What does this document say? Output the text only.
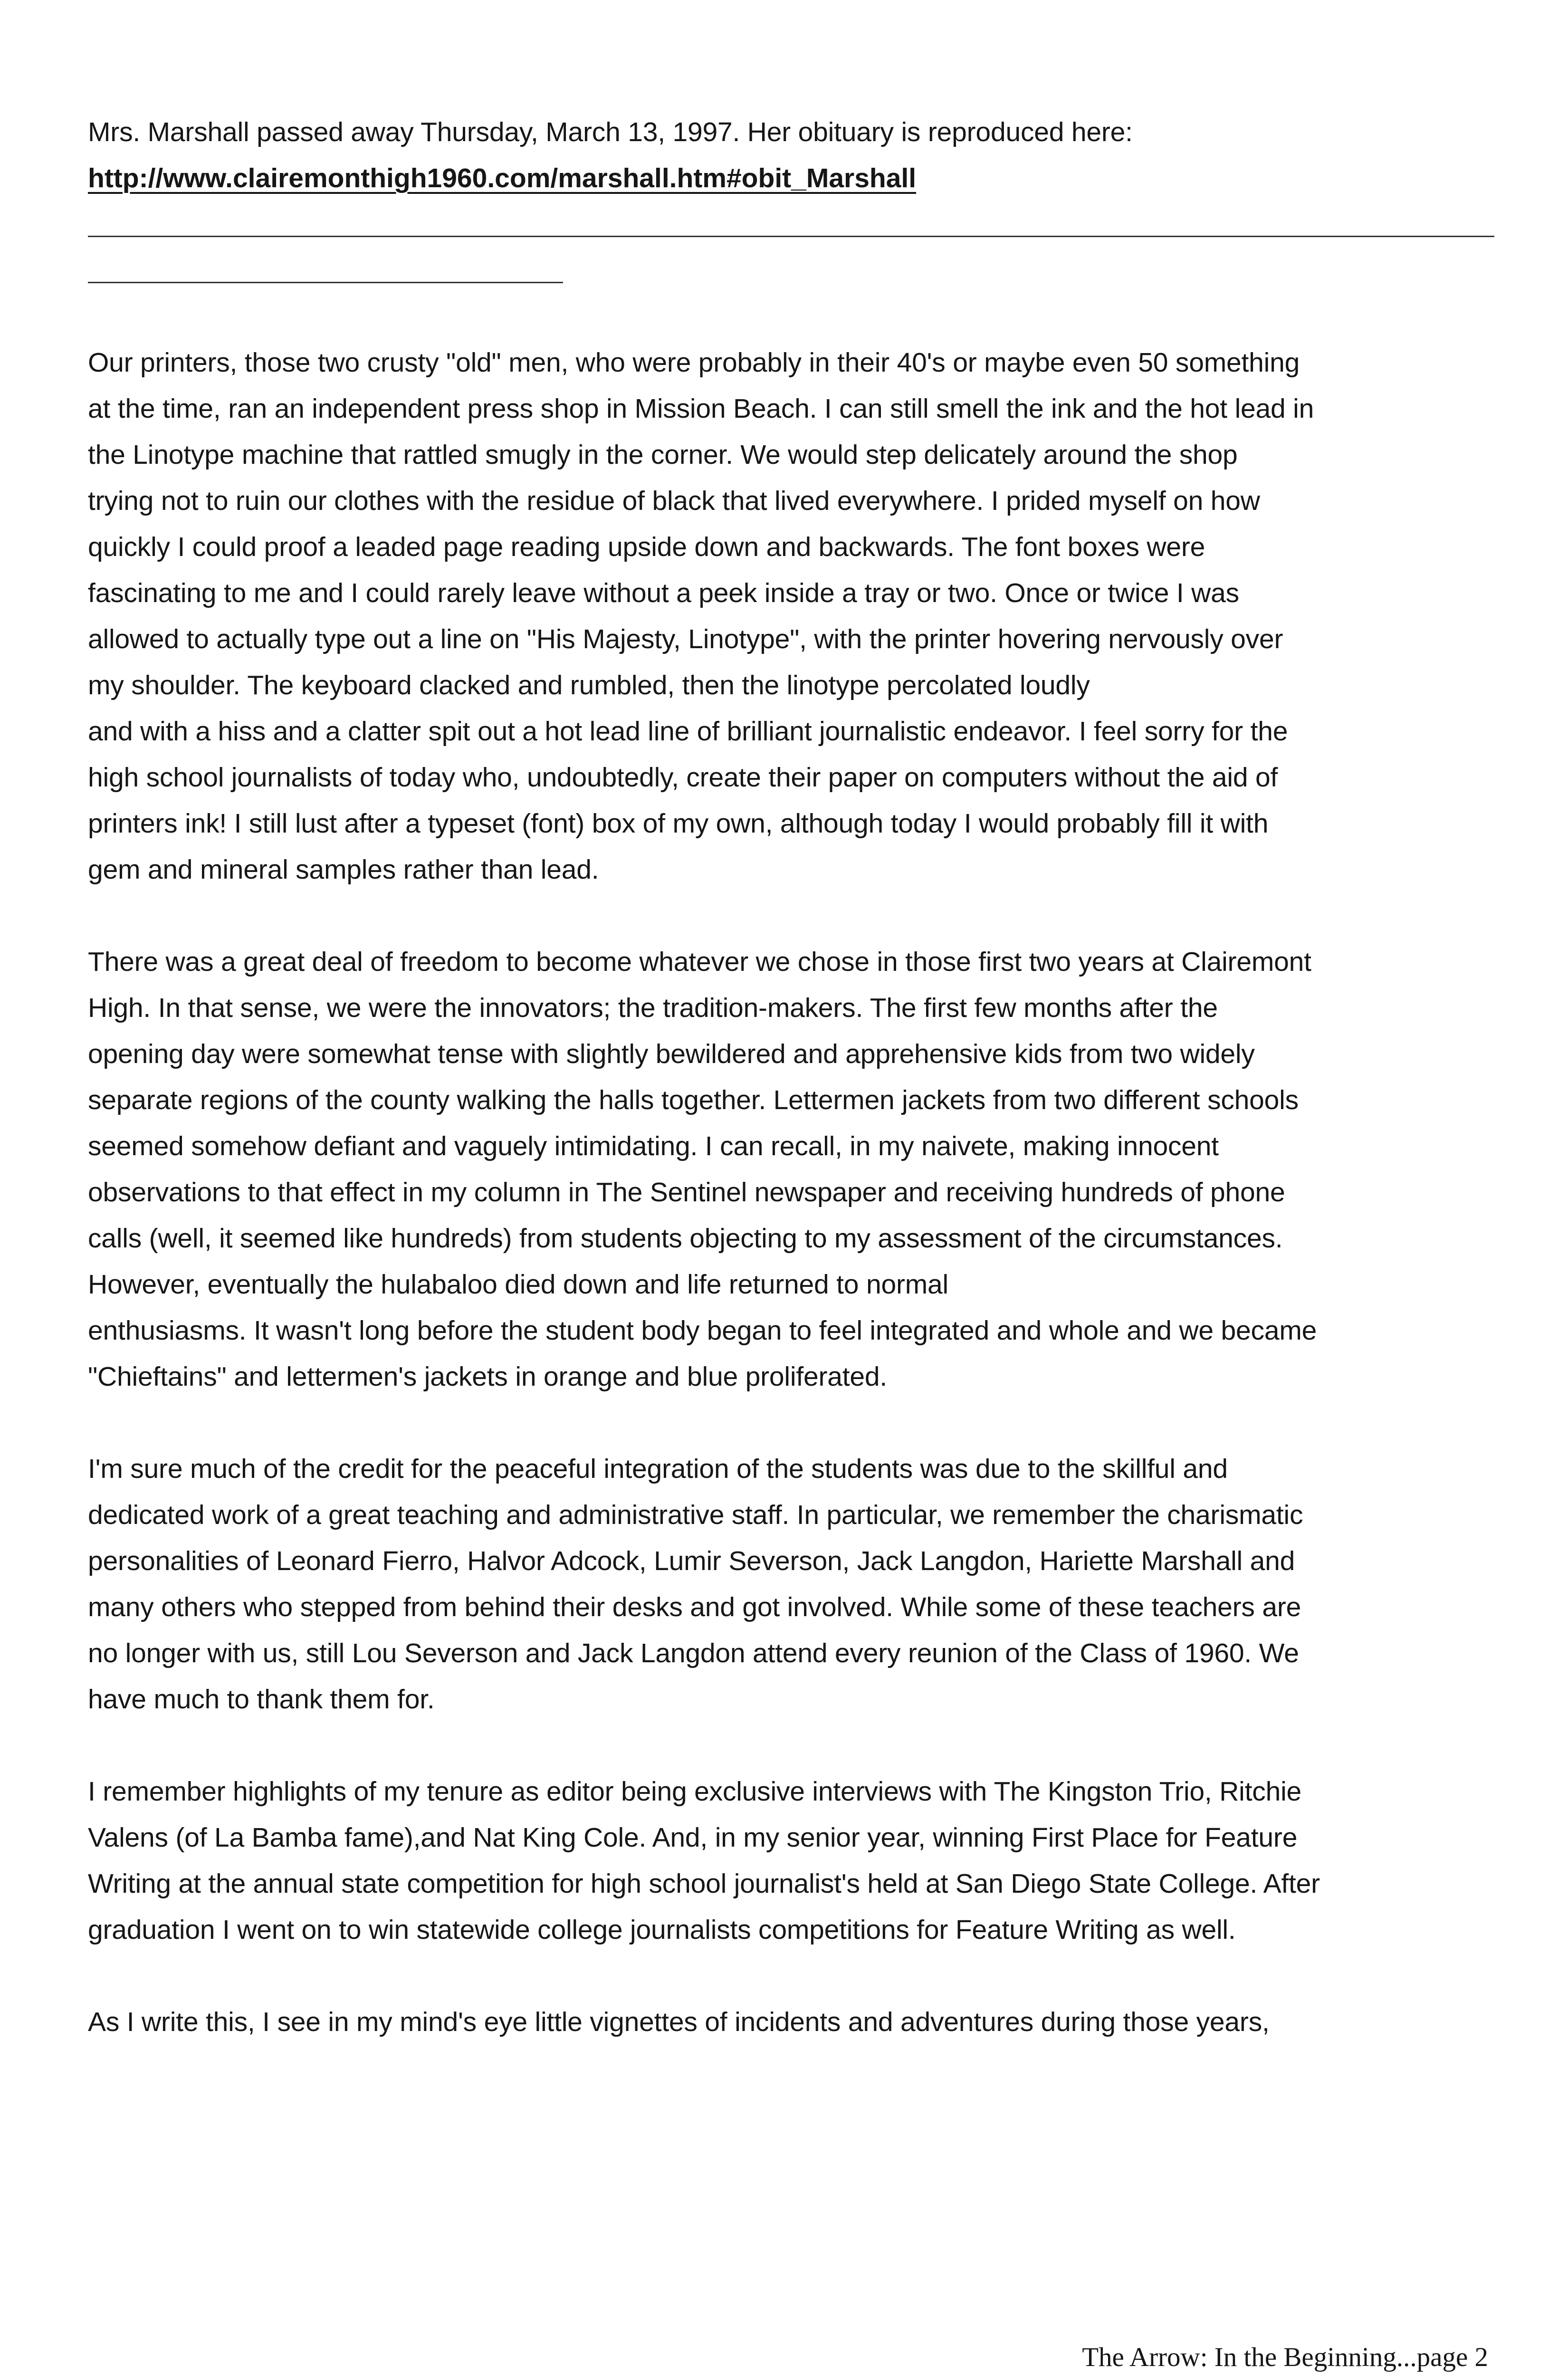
Mrs. Marshall passed away Thursday, March 13, 1997. Her obituary is reproduced here:
http://www.clairemonthigh1960.com/marshall.htm#obit_Marshall
Our printers, those two crusty "old" men, who were probably in their 40's or maybe even 50 something
at the time, ran an independent press shop in Mission Beach. I can still smell the ink and the hot lead in
the Linotype machine that rattled smugly in the corner. We would step delicately around the shop
trying not to ruin our clothes with the residue of black that lived everywhere. I prided myself on how
quickly I could proof a leaded page reading upside down and backwards. The font boxes were
fascinating to me and I could rarely leave without a peek inside a tray or two. Once or twice I was
allowed to actually type out a line on "His Majesty, Linotype", with the printer hovering nervously over
my shoulder. The keyboard clacked and rumbled, then the linotype percolated loudly
and with a hiss and a clatter spit out a hot lead line of brilliant journalistic endeavor. I feel sorry for the
high school journalists of today who, undoubtedly, create their paper on computers without the aid of
printers ink! I still lust after a typeset (font) box of my own, although today I would probably fill it with
gem and mineral samples rather than lead.
There was a great deal of freedom to become whatever we chose in those first two years at Clairemont
High. In that sense, we were the innovators; the tradition-makers. The first few months after the
opening day were somewhat tense with slightly bewildered and apprehensive kids from two widely
separate regions of the county walking the halls together. Lettermen jackets from two different schools
seemed somehow defiant and vaguely intimidating. I can recall, in my naivete, making innocent
observations to that effect in my column in The Sentinel newspaper and receiving hundreds of phone
calls (well, it seemed like hundreds) from students objecting to my assessment of the circumstances.
However, eventually the hulabaloo died down and life returned to normal
enthusiasms. It wasn't long before the student body began to feel integrated and whole and we became
"Chieftains" and lettermen's jackets in orange and blue proliferated.
I'm sure much of the credit for the peaceful integration of the students was due to the skillful and
dedicated work of a great teaching and administrative staff. In particular, we remember the charismatic
personalities of Leonard Fierro, Halvor Adcock, Lumir Severson, Jack Langdon, Hariette Marshall and
many others who stepped from behind their desks and got involved. While some of these teachers are
no longer with us, still Lou Severson and Jack Langdon attend every reunion of the Class of 1960. We
have much to thank them for.
I remember highlights of my tenure as editor being exclusive interviews with The Kingston Trio, Ritchie
Valens (of La Bamba fame),and Nat King Cole. And, in my senior year, winning First Place for Feature
Writing at the annual state competition for high school journalist's held at San Diego State College. After
graduation I went on to win statewide college journalists competitions for Feature Writing as well.
As I write this, I see in my mind's eye little vignettes of incidents and adventures during those years,
The Arrow: In the Beginning...page 2
